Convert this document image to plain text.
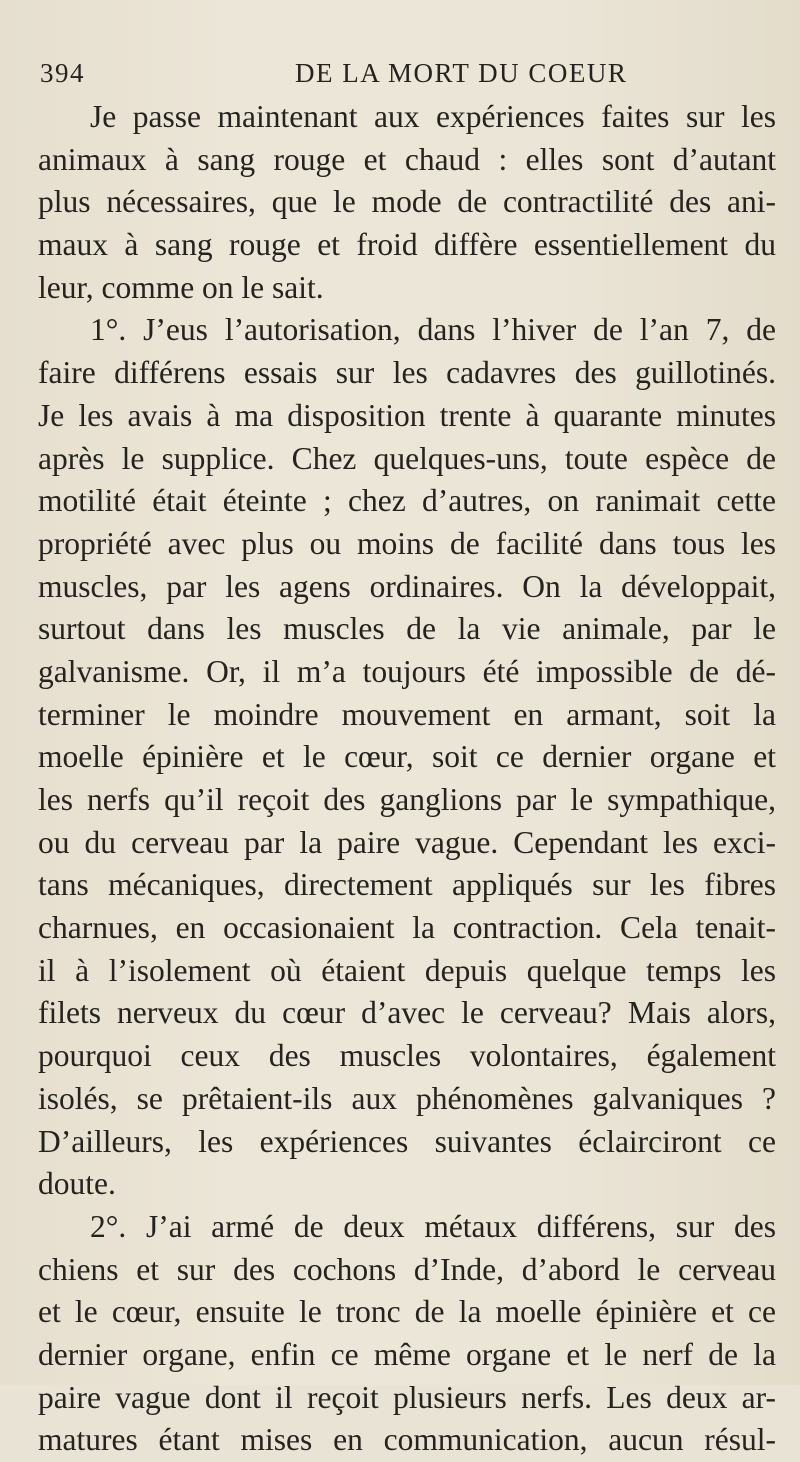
394	DE LA MORT DU COEUR
Je passe maintenant aux expériences faites sur les
animaux à sang rouge et chaud : elles sont d’autant
plus nécessaires, que le mode de contractilité des ani-
maux à sang rouge et froid diffère essentiellement du
leur, comme on le sait.
1°. J’eus l’autorisation, dans l’hiver de l’an 7, de
faire différens essais sur les cadavres des guillotinés.
Je les avais à ma disposition trente à quarante minutes
après le supplice. Chez quelques-uns, toute espèce de
motilité était éteinte ; chez d’autres, on ranimait cette
propriété avec plus ou moins de facilité dans tous les
muscles, par les agens ordinaires. On la développait,
surtout dans les muscles de la vie animale, par le
galvanisme. Or, il m’a toujours été impossible de dé-
terminer le moindre mouvement en armant, soit la
moelle épinière et le cœur, soit ce dernier organe et
les nerfs qu’il reçoit des ganglions par le sympathique,
ou du cerveau par la paire vague. Cependant les exci-
tans mécaniques, directement appliqués sur les fibres
charnues, en occasionaient la contraction. Cela tenait-
il à l’isolement où étaient depuis quelque temps les
filets nerveux du cœur d’avec le cerveau? Mais alors,
pourquoi ceux des muscles volontaires, également
isolés, se prêtaient-ils aux phénomènes galvaniques ?
D’ailleurs, les expériences suivantes éclairciront ce
doute.
2°. J’ai armé de deux métaux différens, sur des
chiens et sur des cochons d’Inde, d’abord le cerveau
et le cœur, ensuite le tronc de la moelle épinière et ce
dernier organe, enfin ce même organe et le nerf de la
paire vague dont il reçoit plusieurs nerfs. Les deux ar-
matures étant mises en communication, aucun résul-
